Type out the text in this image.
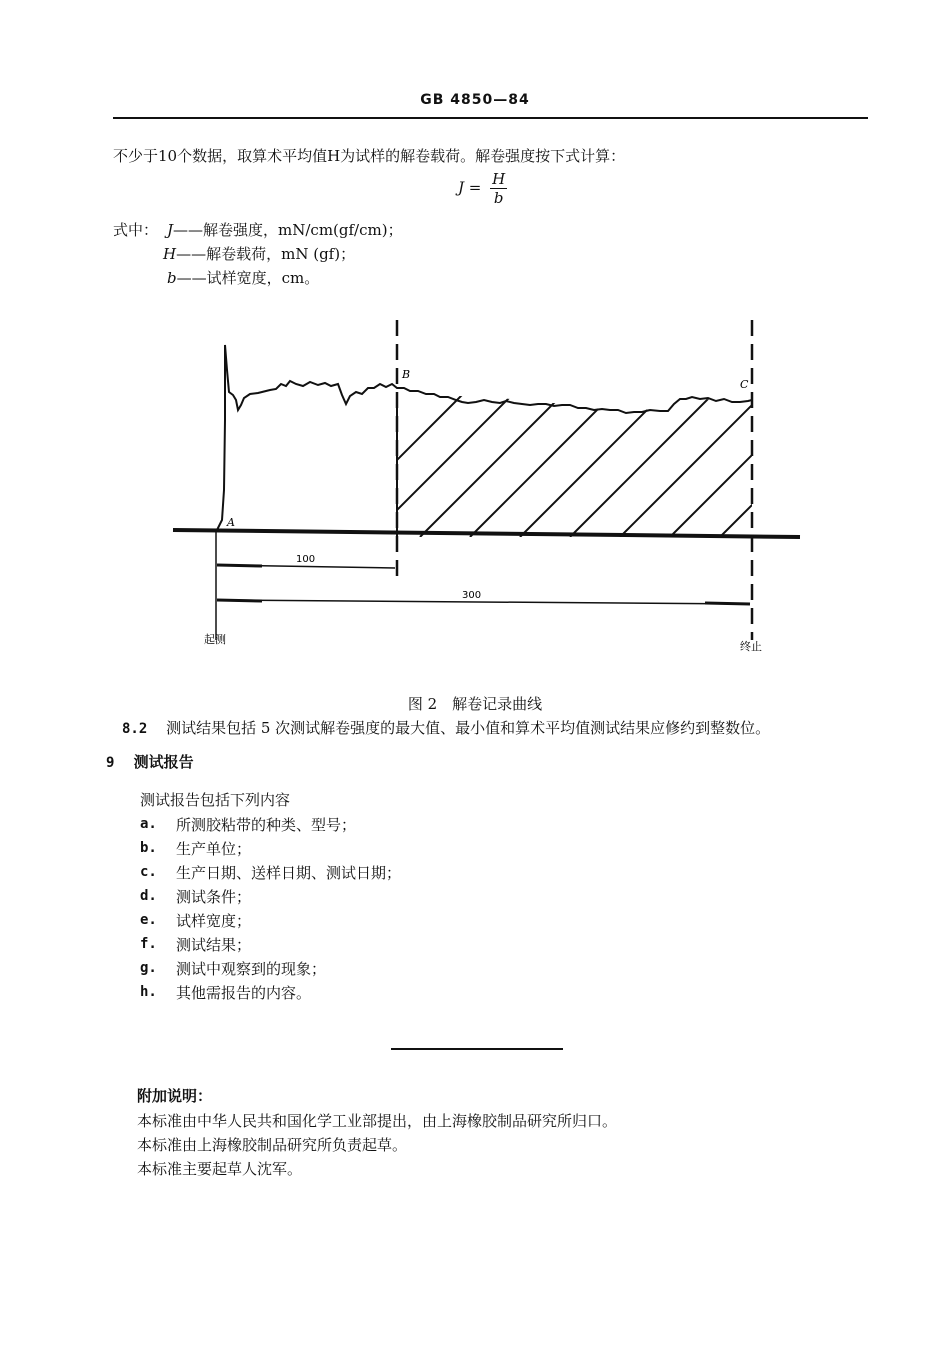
GB 4850—84
不少于10个数据，取算术平均值H为试样的解卷载荷。解卷强度按下式计算：
$J = \frac{H}{b}$
式中： J——解卷强度，mN/cm(gf/cm)；
H——解卷载荷，mN (gf)；
b——试样宽度，cm。
A
B
C
100
300
起测
终止
图 2　解卷记录曲线
8.2 测试结果包括 5 次测试解卷强度的最大值、最小值和算术平均值测试结果应修约到整数位。
9 测试报告
测试报告包括下列内容
a. 所测胶粘带的种类、型号；
b. 生产单位；
c. 生产日期、送样日期、测试日期；
d. 测试条件；
e. 试样宽度；
f. 测试结果；
g. 测试中观察到的现象；
h. 其他需报告的内容。
附加说明：
本标准由中华人民共和国化学工业部提出，由上海橡胶制品研究所归口。
本标准由上海橡胶制品研究所负责起草。
本标准主要起草人沈军。
